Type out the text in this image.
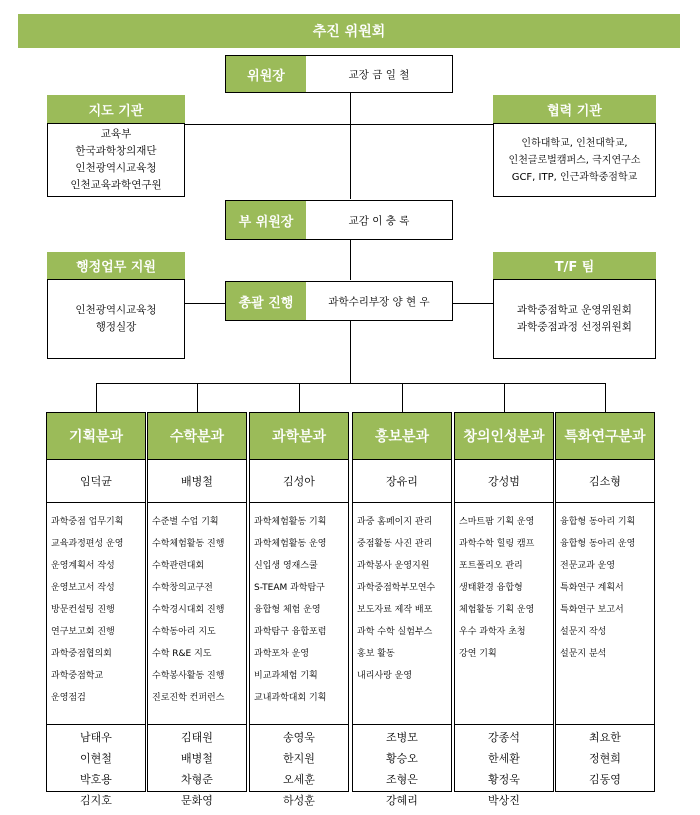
추진 위원회
위원장	교장 금 일 철
부 위원장	교감 이 충 록
총괄 진행	과학수리부장 양 현 우
지도 기관
교육부
한국과학창의재단
인천광역시교육청
인천교육과학연구원
협력 기관
인하대학교, 인천대학교,
인천글로벌캠퍼스, 극지연구소
GCF, ITP, 인근과학중점학교
행정업무 지원
인천광역시교육청
행정실장
T/F 팀
과학중점학교 운영위원회
과학중점과정 선정위원회
기획분과
임덕균
과학중점 업무기획
교육과정편성 운영
운영계획서 작성
운영보고서 작성
방문컨설팅 진행
연구보고회 진행
과학중점협의회
과학중점학교
운영점검
남태우
이현철
박호용
김지호
수학분과
배병철
수준별 수업 기획
수학체험활동 진행
수학관련대회
수학창의교구전
수학경시대회 진행
수학동아리 지도
수학 R&E 지도
수학봉사활동 진행
진로진학 컨퍼런스
김태원
배병철
차형준
문화영
과학분과
김성아
과학체험활동 기획
과학체험활동 운영
신입생 영재스쿨
S-TEAM 과학탐구
융합형 체험 운영
과학탐구 융합포럼
과학포차 운영
비교과체험 기획
교내과학대회 기획
송영욱
한지원
오세훈
하성훈
홍보분과
장유리
과중 홈페이지 관리
중점활동 사진 관리
과학봉사 운영지원
과학중점학부모연수
보도자료 제작 배포
과학 수학 실험부스
홍보 활동
내리사랑 운영
조병모
황승오
조형은
강혜리
창의인성분과
강성범
스마트팜 기획 운영
과학수학 힐링 캠프
포트폴리오 관리
생태환경 융합형
체험활동 기획 운영
우수 과학자 초청
강연 기획
강종석
한세환
황정욱
박상진
특화연구분과
김소형
융합형 동아리 기획
융합형 동아리 운영
전문교과 운영
특화연구 계획서
특화연구 보고서
설문지 작성
설문지 분석
최요한
정현희
김동영
